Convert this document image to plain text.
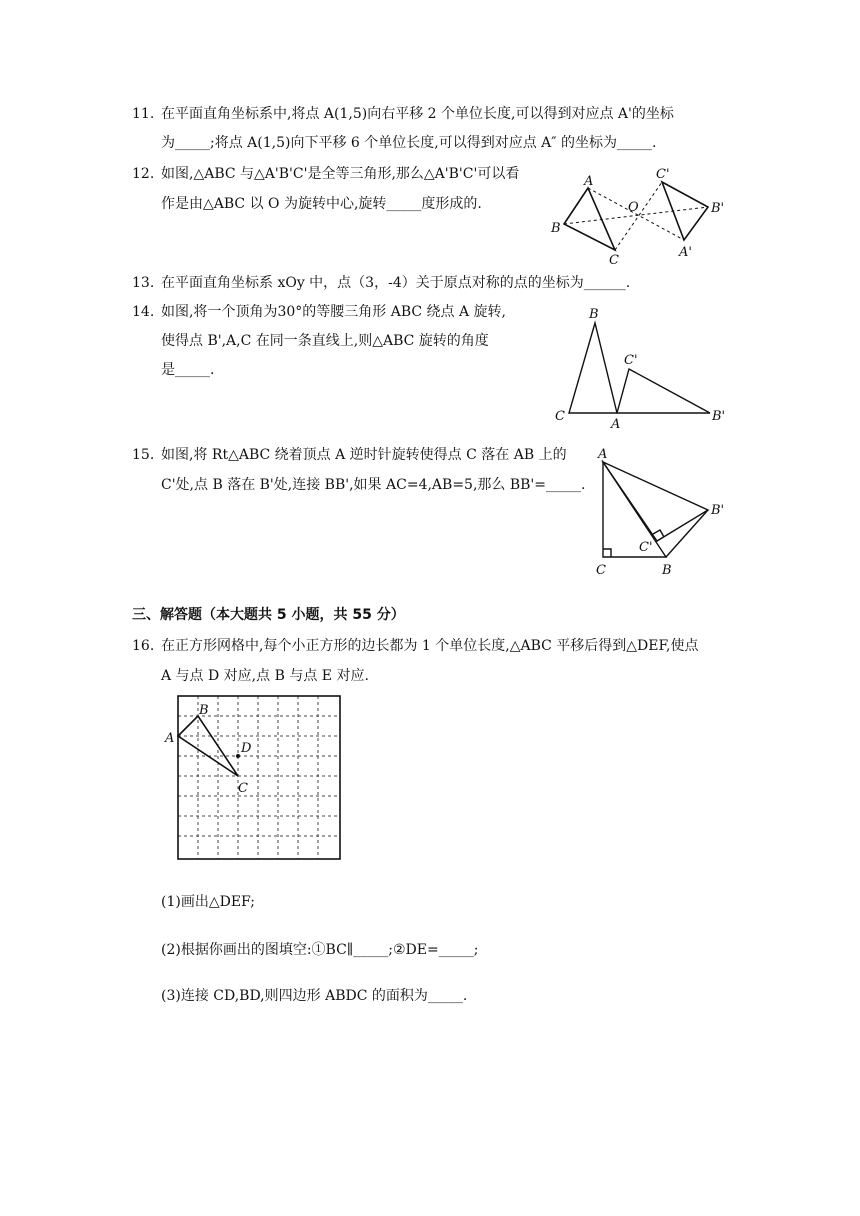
11. 在平面直角坐标系中,将点 A(1,5)向右平移 2 个单位长度,可以得到对应点 A'的坐标
为_____;将点 A(1,5)向下平移 6 个单位长度,可以得到对应点 A″ 的坐标为_____.
12. 如图,△ABC 与△A'B'C'是全等三角形,那么△A'B'C'可以看
作是由△ABC 以 O 为旋转中心,旋转_____度形成的.
A
B
C
O
C'
B'
A'
13. 在平面直角坐标系 xOy 中，点（3，-4）关于原点对称的点的坐标为______.
14. 如图,将一个顶角为30°的等腰三角形 ABC 绕点 A 旋转,
使得点 B',A,C 在同一条直线上,则△ABC 旋转的角度
是_____.
B
C
A
C'
B'
15. 如图,将 Rt△ABC 绕着顶点 A 逆时针旋转使得点 C 落在 AB 上的
C'处,点 B 落在 B'处,连接 BB',如果 AC=4,AB=5,那么 BB'=_____.
A
C	B
B'
C'
三、解答题（本大题共 5 小题，共 55 分）
16. 在正方形网格中,每个小正方形的边长都为 1 个单位长度,△ABC 平移后得到△DEF,使点
A 与点 D 对应,点 B 与点 E 对应.
B
A
D
C
(1)画出△DEF;
(2)根据你画出的图填空:①BC∥_____;②DE=_____;
(3)连接 CD,BD,则四边形 ABDC 的面积为_____.
